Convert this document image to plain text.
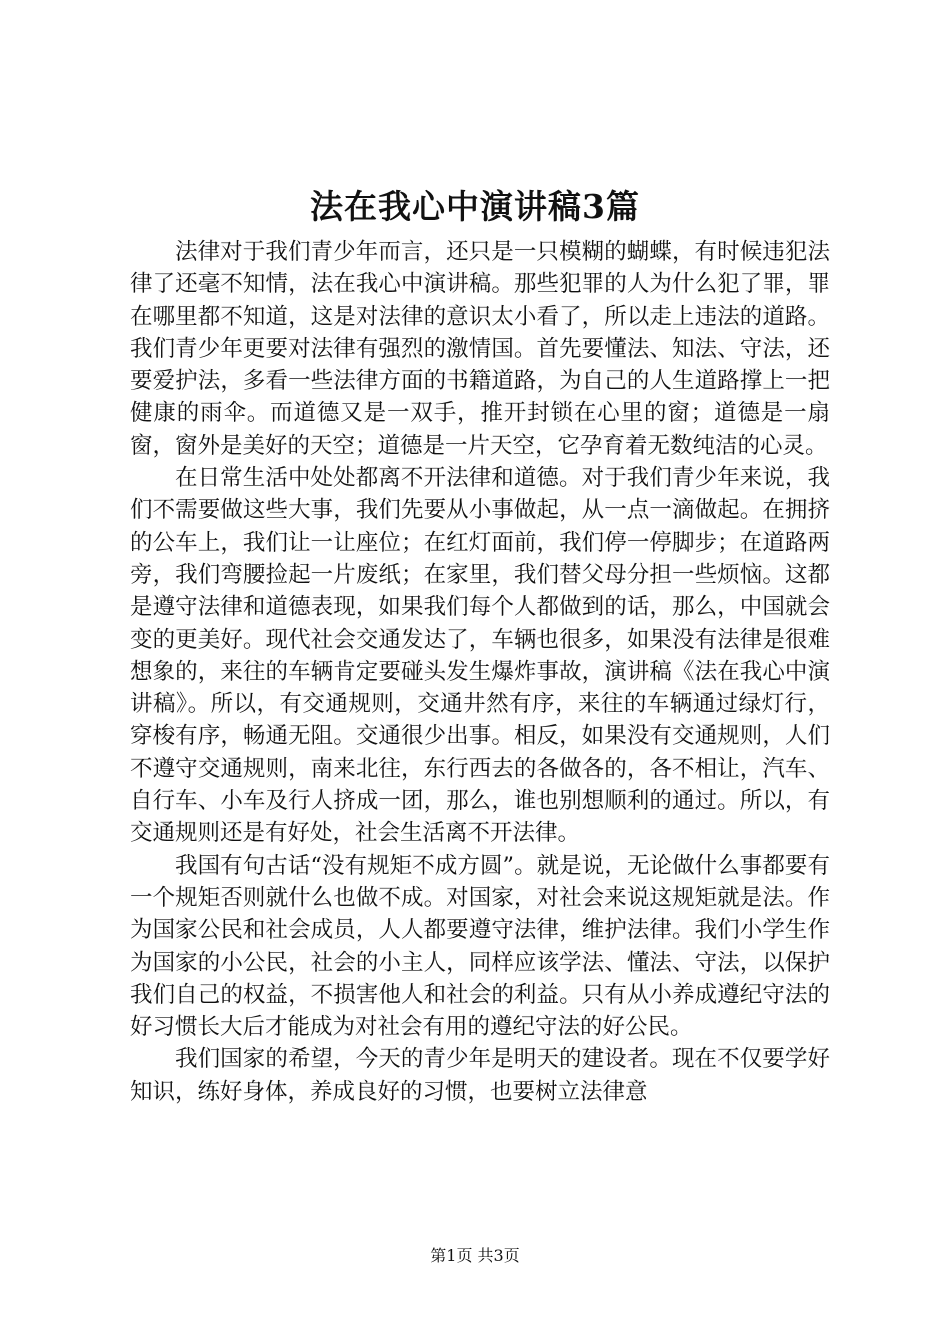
法在我心中演讲稿3篇

法律对于我们青少年而言，还只是一只模糊的蝴蝶，有时候违犯法律了还毫不知情，法在我心中演讲稿。那些犯罪的人为什么犯了罪，罪在哪里都不知道，这是对法律的意识太小看了，所以走上违法的道路。我们青少年更要对法律有强烈的激情国。首先要懂法、知法、守法，还要爱护法，多看一些法律方面的书籍道路，为自己的人生道路撑上一把健康的雨伞。而道德又是一双手，推开封锁在心里的窗；道德是一扇窗，窗外是美好的天空；道德是一片天空，它孕育着无数纯洁的心灵。

在日常生活中处处都离不开法律和道德。对于我们青少年来说，我们不需要做这些大事，我们先要从小事做起，从一点一滴做起。在拥挤的公车上，我们让一让座位；在红灯面前，我们停一停脚步；在道路两旁，我们弯腰捡起一片废纸；在家里，我们替父母分担一些烦恼。这都是遵守法律和道德表现，如果我们每个人都做到的话，那么，中国就会变的更美好。现代社会交通发达了，车辆也很多，如果没有法律是很难想象的，来往的车辆肯定要碰头发生爆炸事故，演讲稿《法在我心中演讲稿》。所以，有交通规则，交通井然有序，来往的车辆通过绿灯行，穿梭有序，畅通无阻。交通很少出事。相反，如果没有交通规则，人们不遵守交通规则，南来北往，东行西去的各做各的，各不相让，汽车、自行车、小车及行人挤成一团，那么，谁也别想顺利的通过。所以，有交通规则还是有好处，社会生活离不开法律。

我国有句古话“没有规矩不成方圆”。就是说，无论做什么事都要有一个规矩否则就什么也做不成。对国家，对社会来说这规矩就是法。作为国家公民和社会成员，人人都要遵守法律，维护法律。我们小学生作为国家的小公民，社会的小主人，同样应该学法、懂法、守法，以保护我们自己的权益，不损害他人和社会的利益。只有从小养成遵纪守法的好习惯长大后才能成为对社会有用的遵纪守法的好公民。

我们国家的希望，今天的青少年是明天的建设者。现在不仅要学好知识，练好身体，养成良好的习惯，也要树立法律意

第1页 共3页
